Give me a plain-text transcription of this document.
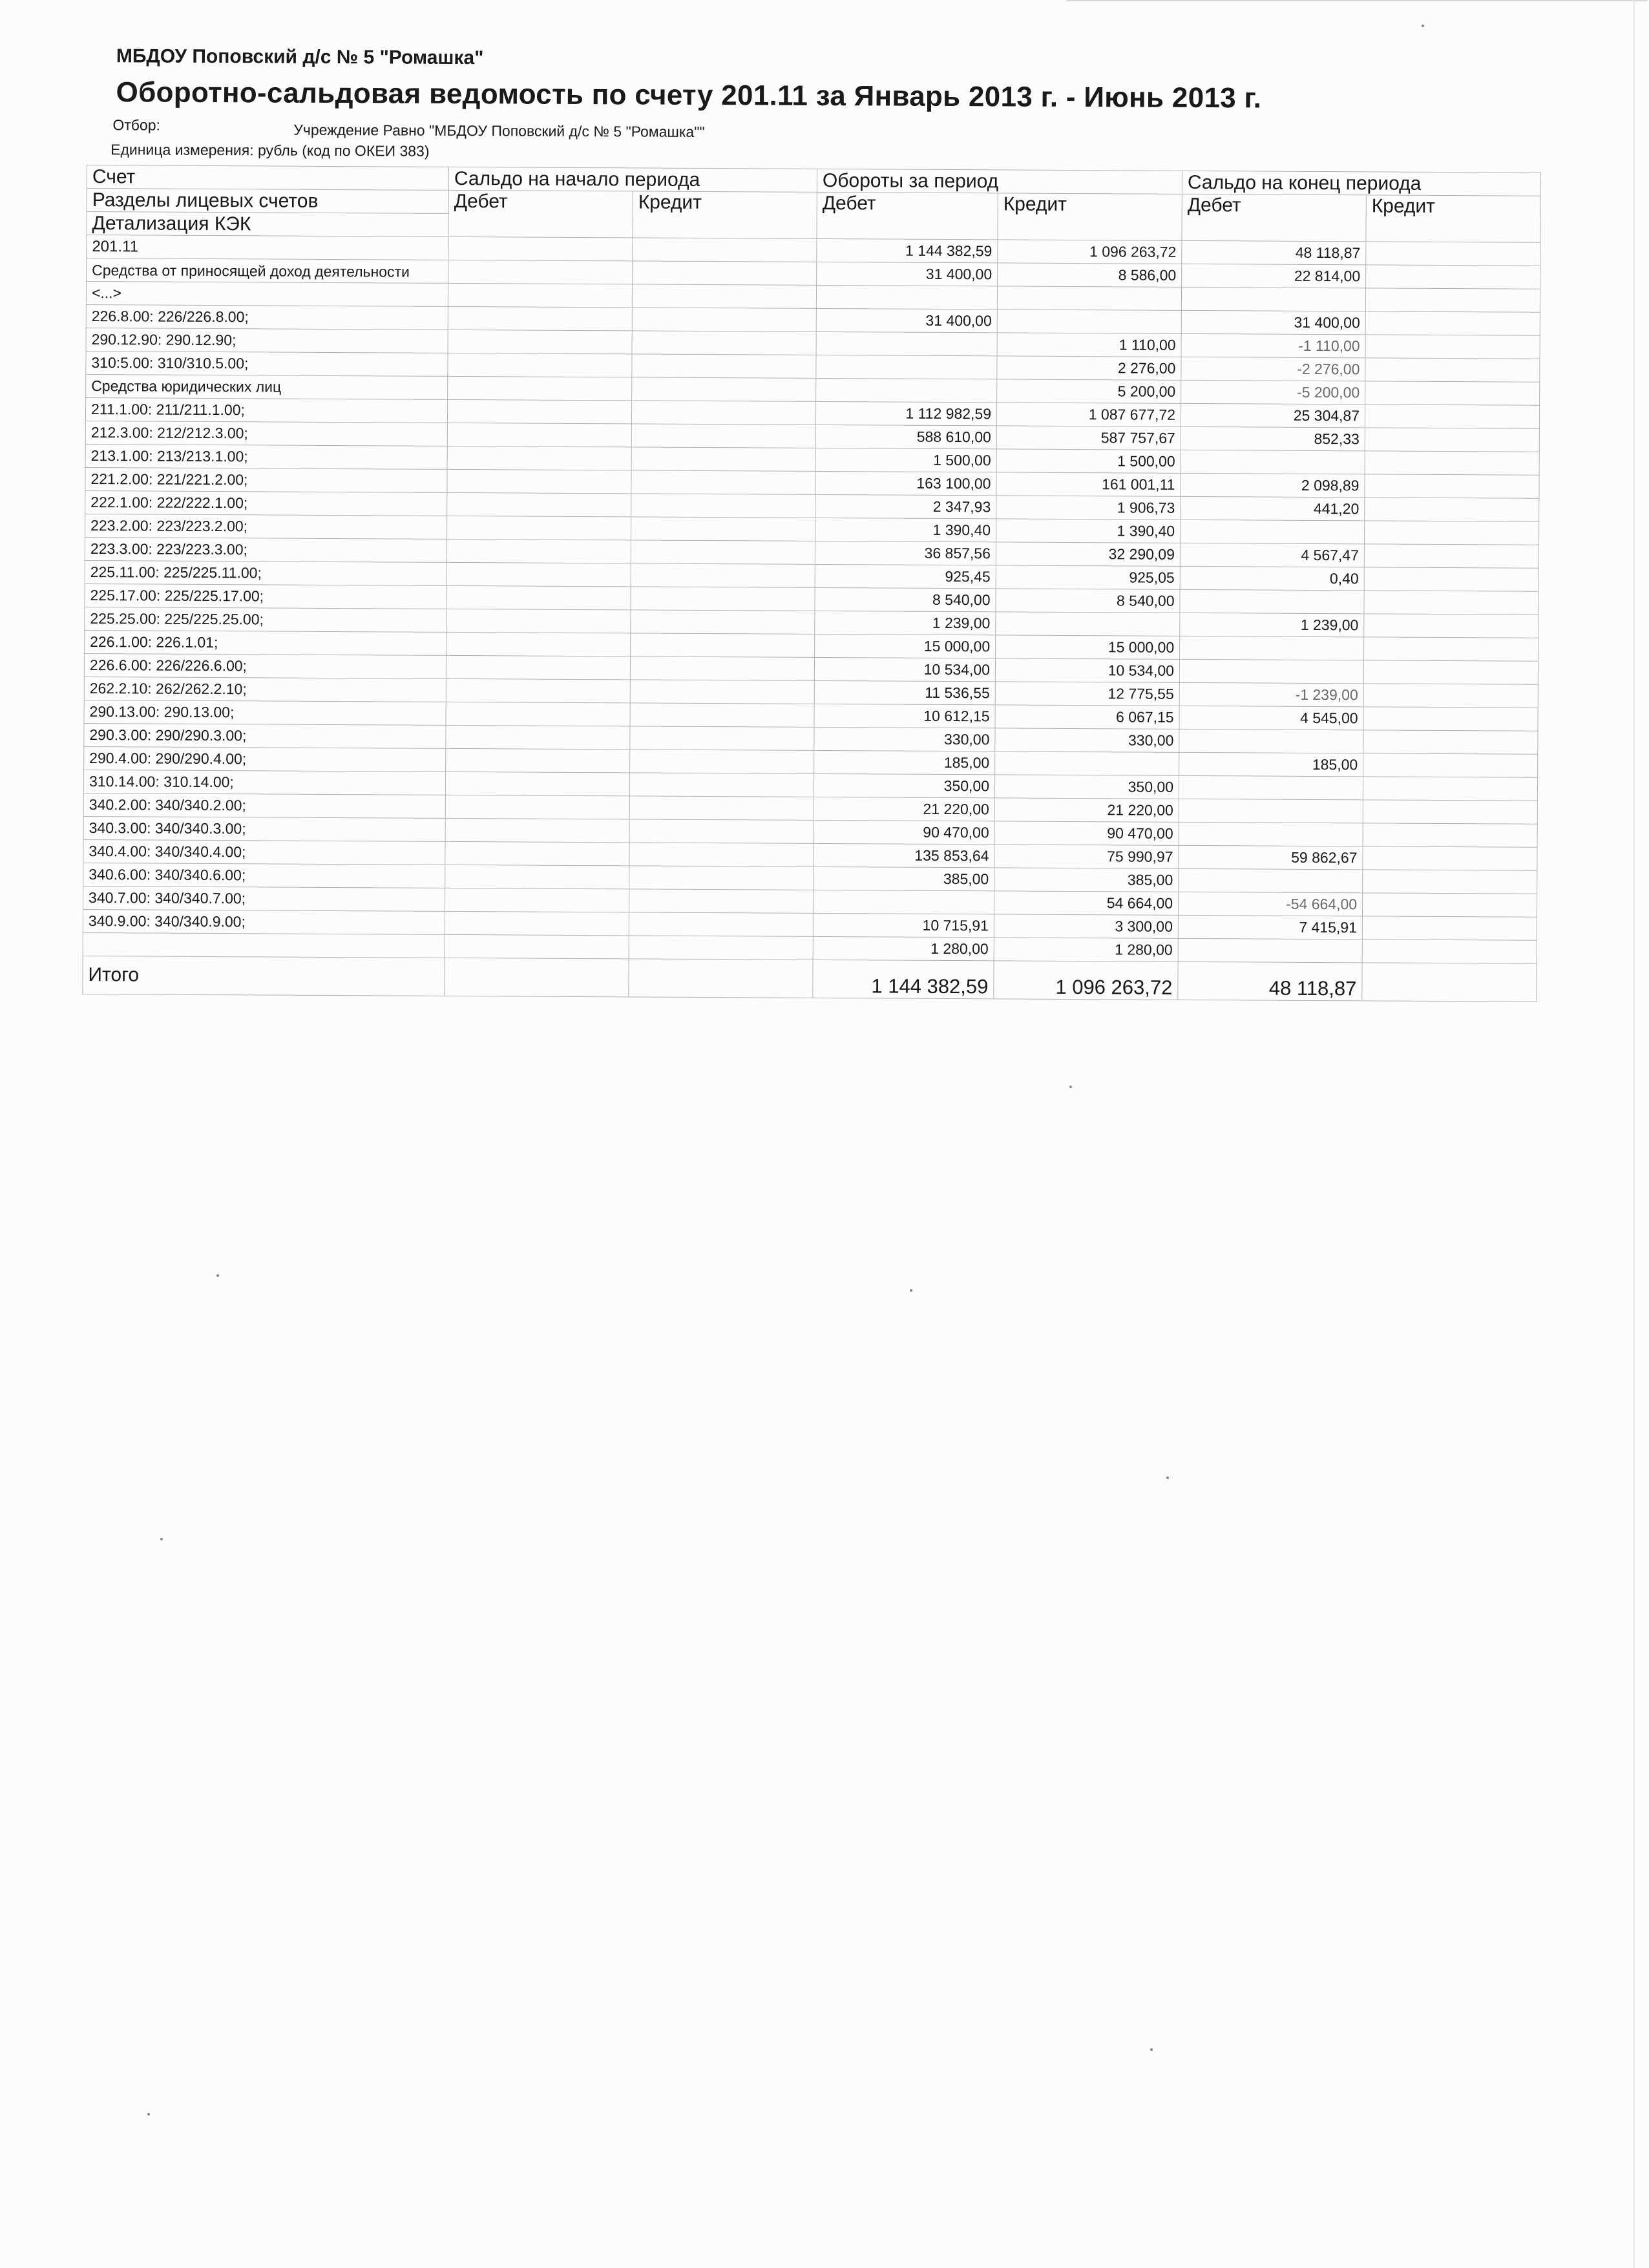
МБДОУ Поповский д/с № 5 "Ромашка"
Оборотно-сальдовая ведомость по счету 201.11 за Январь 2013 г. - Июнь 2013 г.
Отбор:	Учреждение Равно "МБДОУ Поповский д/с № 5 "Ромашка""
Единица измерения: рубль (код по ОКЕИ 383)
Счет	Сальдо на начало периода		Обороты за период		Сальдо на конец периода	
Разделы лицевых счетов	Дебет	Кредит	Дебет	Кредит	Дебет	Кредит
Детализация КЭК						
201.11			1 144 382,59	1 096 263,72	48 118,87	
Средства от приносящей доход деятельности			31 400,00	8 586,00	22 814,00	
<...>						
226.8.00: 226/226.8.00;			31 400,00		31 400,00	
290.12.90: 290.12.90;				1 110,00	-1 110,00	
310:5.00: 310/310.5.00;				2 276,00	-2 276,00	
Средства юридических лиц				5 200,00	-5 200,00	
211.1.00: 211/211.1.00;			1 112 982,59	1 087 677,72	25 304,87	
212.3.00: 212/212.3.00;			588 610,00	587 757,67	852,33	
213.1.00: 213/213.1.00;			1 500,00	1 500,00		
221.2.00: 221/221.2.00;			163 100,00	161 001,11	2 098,89	
222.1.00: 222/222.1.00;			2 347,93	1 906,73	441,20	
223.2.00: 223/223.2.00;			1 390,40	1 390,40		
223.3.00: 223/223.3.00;			36 857,56	32 290,09	4 567,47	
225.11.00: 225/225.11.00;			925,45	925,05	0,40	
225.17.00: 225/225.17.00;			8 540,00	8 540,00		
225.25.00: 225/225.25.00;			1 239,00		1 239,00	
226.1.00: 226.1.01;			15 000,00	15 000,00		
226.6.00: 226/226.6.00;			10 534,00	10 534,00		
262.2.10: 262/262.2.10;			11 536,55	12 775,55	-1 239,00	
290.13.00: 290.13.00;			10 612,15	6 067,15	4 545,00	
290.3.00: 290/290.3.00;			330,00	330,00		
290.4.00: 290/290.4.00;			185,00		185,00	
310.14.00: 310.14.00;			350,00	350,00		
340.2.00: 340/340.2.00;			21 220,00	21 220,00		
340.3.00: 340/340.3.00;			90 470,00	90 470,00		
340.4.00: 340/340.4.00;			135 853,64	75 990,97	59 862,67	
340.6.00: 340/340.6.00;			385,00	385,00		
340.7.00: 340/340.7.00;				54 664,00	-54 664,00	
340.9.00: 340/340.9.00;			10 715,91	3 300,00	7 415,91	
			1 280,00	1 280,00		
Итого			1 144 382,59	1 096 263,72	48 118,87	
